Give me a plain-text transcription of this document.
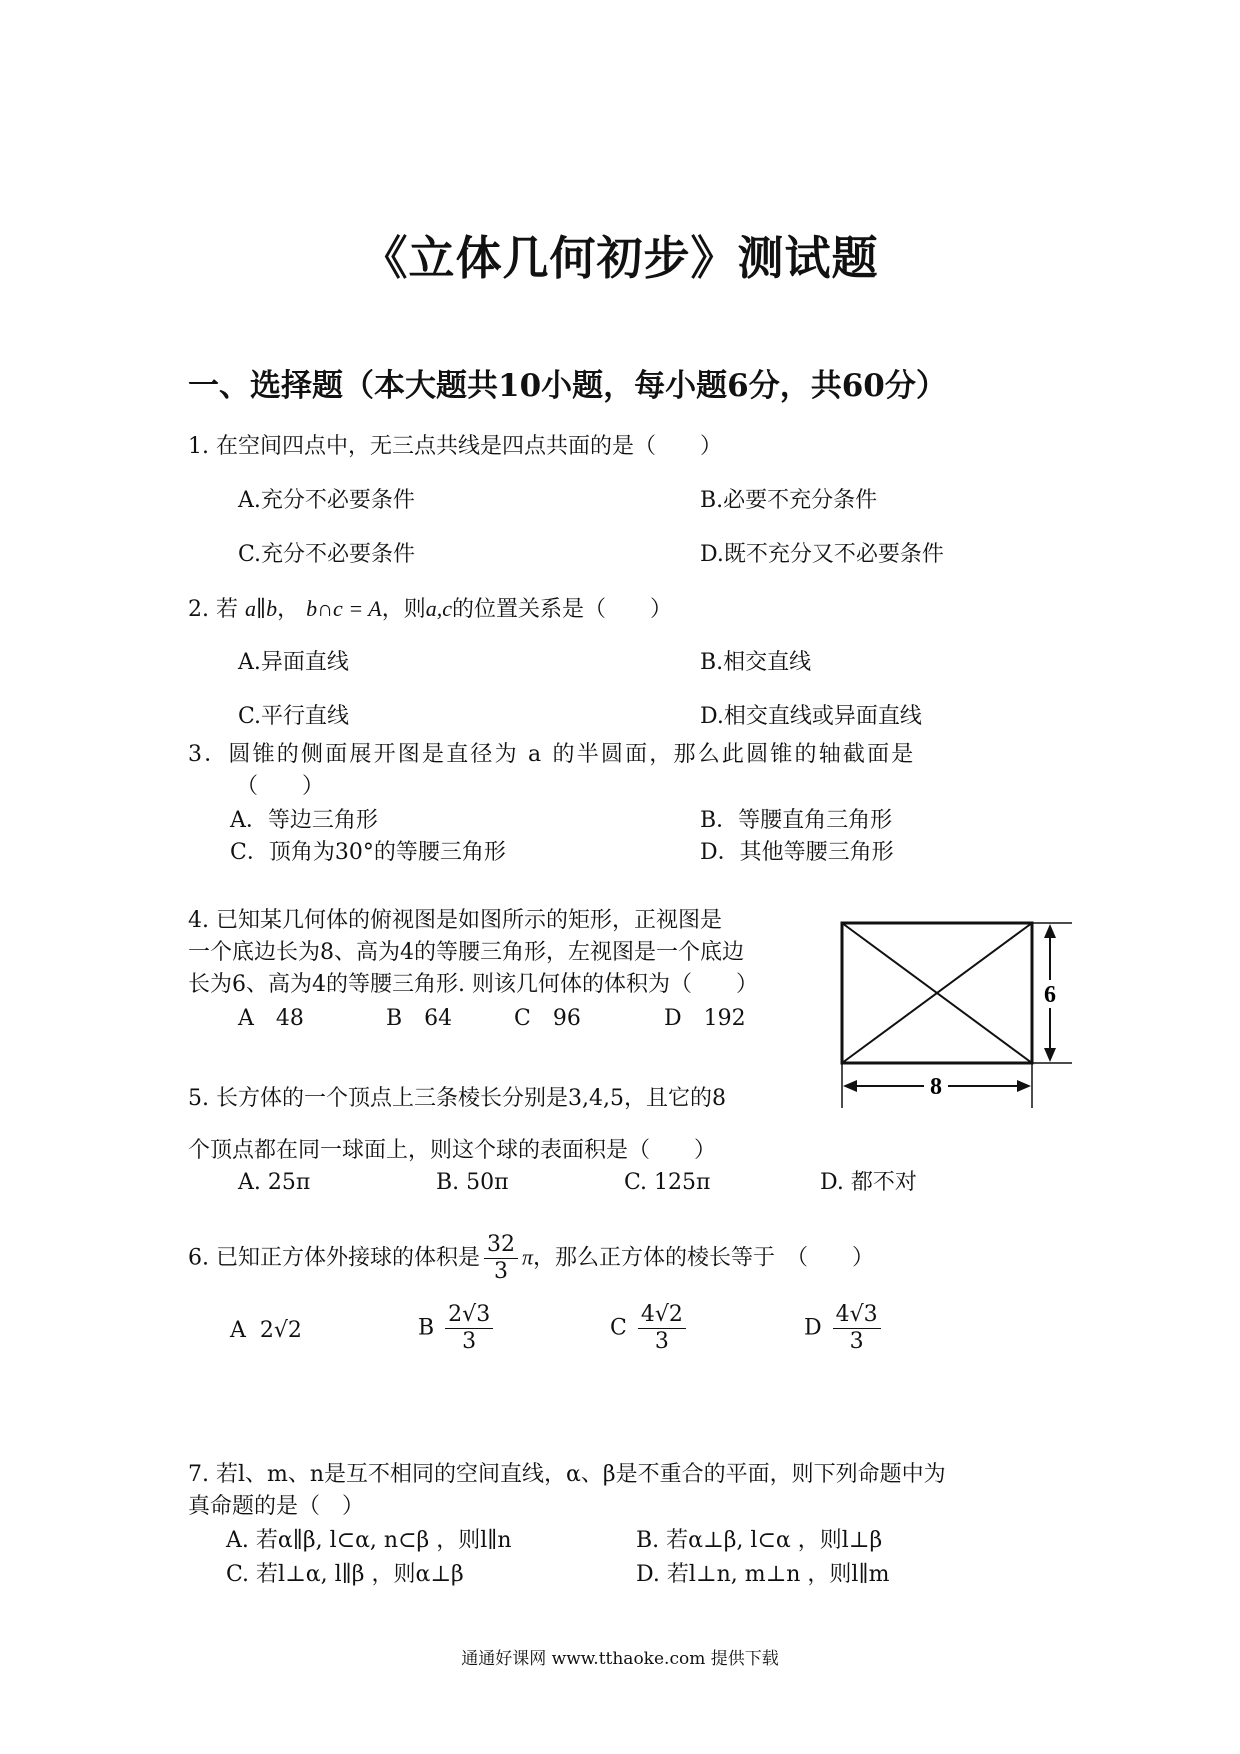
《立体几何初步》测试题
一、选择题（本大题共10小题，每小题6分，共60分）
1. 在空间四点中，无三点共线是四点共面的是（　　）
A.充分不必要条件	B.必要不充分条件
C.充分不必要条件	D.既不充分又不必要条件
2. 若 a∥b， b∩c = A，则a,c的位置关系是（　　）
A.异面直线	B.相交直线
C.平行直线	D.相交直线或异面直线
3．圆锥的侧面展开图是直径为 a 的半圆面，那么此圆锥的轴截面是
（　　）
A．等边三角形	B．等腰直角三角形
C．顶角为30°的等腰三角形	D．其他等腰三角形
4. 已知某几何体的俯视图是如图所示的矩形，正视图是
一个底边长为8、高为4的等腰三角形，左视图是一个底边
长为6、高为4的等腰三角形. 则该几何体的体积为（　　）
A　48	B　64	C　96	D　192
6
8
5. 长方体的一个顶点上三条棱长分别是3,4,5，且它的8
个顶点都在同一球面上，则这个球的表面积是（　　）
A. 25π	B. 50π	C. 125π	D. 都不对
6. 已知正方体外接球的体积是 $\frac{32}{3}$ π，那么正方体的棱长等于　（　　）
A 2√2	B $\frac{2√3}{3}$	C $\frac{4√2}{3}$	D $\frac{4√3}{3}$
7. 若l、m、n是互不相同的空间直线，α、β是不重合的平面，则下列命题中为
真命题的是（　）
A. 若α∥β, l⊂α, n⊂β ，则l∥n	B. 若α⊥β, l⊂α ，则l⊥β
C. 若l⊥α, l∥β ，则α⊥β	D. 若l⊥n, m⊥n ，则l∥m
通通好课网 www.tthaoke.com 提供下载
